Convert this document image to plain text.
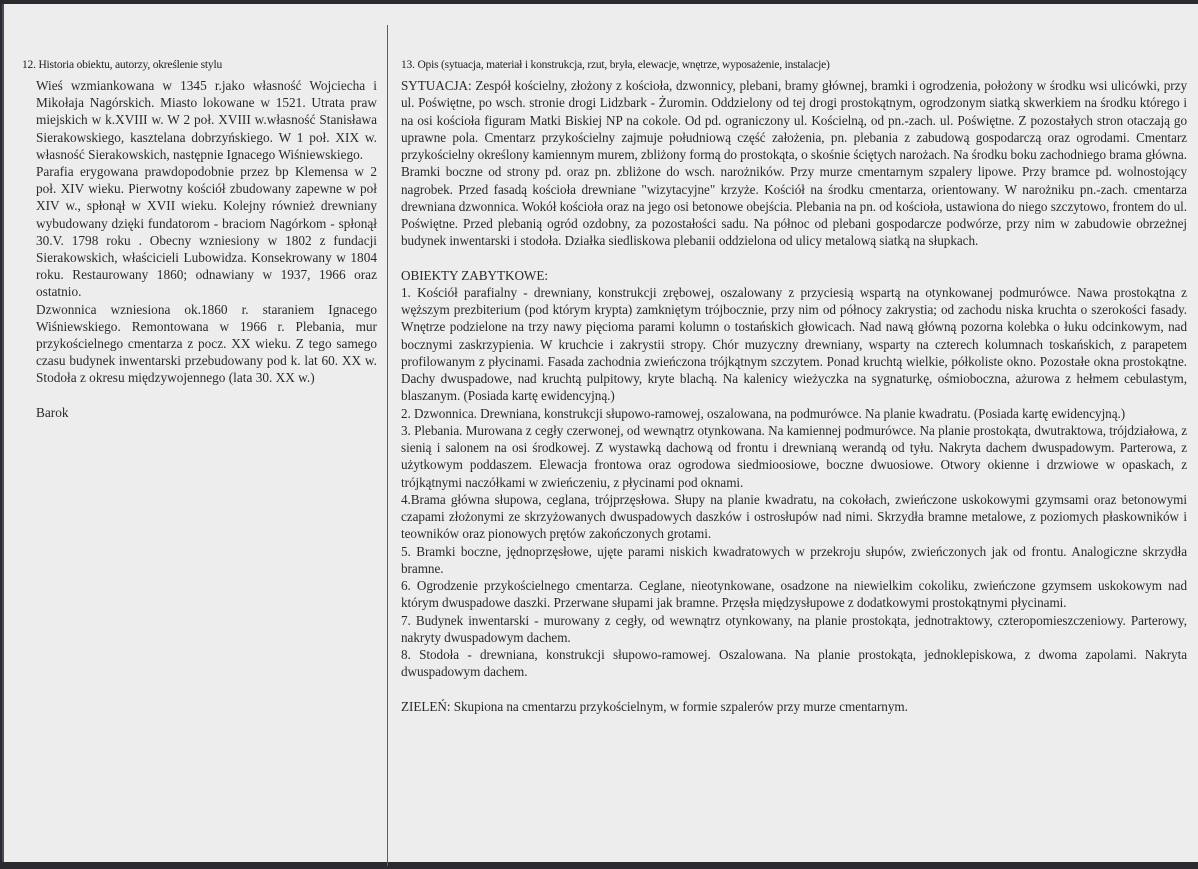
12. Historia obiektu, autorzy, określenie stylu

Wieś wzmiankowana w 1345 r.jako własność Wojciecha i Mikołaja Nagórskich. Miasto lokowane w 1521. Utrata praw miejskich w k.XVIII w. W 2 poł. XVIII w.własność Stanisława Sierakowskiego, kasztelana dobrzyńskiego. W 1 poł. XIX w. własność Sierakowskich, następnie Ignacego Wiśniewskiego.

Parafia erygowana prawdopodobnie przez bp Klemensa w 2 poł. XIV wieku. Pierwotny kościół zbudowany zapewne w poł XIV w., spłonął w XVII wieku. Kolejny również drewniany wybudowany dzięki fundatorom - braciom Nagórkom - spłonął 30.V. 1798 roku . Obecny wzniesiony w 1802 z fundacji Sierakowskich, właścicieli Lubowidza. Konsekrowany w 1804 roku. Restaurowany 1860; odnawiany w 1937, 1966 oraz ostatnio.

Dzwonnica wzniesiona ok.1860 r. staraniem Ignacego Wiśniewskiego. Remontowana w 1966 r. Plebania, mur przykościelnego cmentarza z pocz. XX wieku. Z tego samego czasu budynek inwentarski przebudowany pod k. lat 60. XX w. Stodoła z okresu międzywojennego (lata 30. XX w.)

Barok

13. Opis (sytuacja, materiał i konstrukcja, rzut, bryła, elewacje, wnętrze, wyposażenie, instalacje)

SYTUACJA: Zespół kościelny, złożony z kościoła, dzwonnicy, plebani, bramy głównej, bramki i ogrodzenia, położony w środku wsi ulicówki, przy ul. Poświętne, po wsch. stronie drogi Lidzbark - Żuromin. Oddzielony od tej drogi prostokątnym, ogrodzonym siatką skwerkiem na środku którego i na osi kościoła figuram Matki Biskiej NP na cokole. Od pd. ograniczony ul. Kościelną, od pn.-zach. ul. Poświętne. Z pozostałych stron otaczają go uprawne pola. Cmentarz przykościelny zajmuje południową część założenia, pn. plebania z zabudową gospodarczą oraz ogrodami. Cmentarz przykościelny określony kamiennym murem, zbliżony formą do prostokąta, o skośnie ściętych narożach. Na środku boku zachodniego brama główna. Bramki boczne od strony pd. oraz pn. zbliżone do wsch. narożników. Przy murze cmentarnym szpalery lipowe. Przy bramce pd. wolnostojący nagrobek. Przed fasadą kościoła drewniane "wizytacyjne" krzyże. Kościół na środku cmentarza, orientowany. W narożniku pn.-zach. cmentarza drewniana dzwonnica. Wokół kościoła oraz na jego osi betonowe obejścia. Plebania na pn. od kościoła, ustawiona do niego szczytowo, frontem do ul. Poświętne. Przed plebanią ogród ozdobny, za pozostałości sadu. Na północ od plebani gospodarcze podwórze, przy nim w zabudowie obrzeżnej budynek inwentarski i stodoła. Działka siedliskowa plebanii oddzielona od ulicy metalową siatką na słupkach.

OBIEKTY ZABYTKOWE:

1. Kościół parafialny - drewniany, konstrukcji zrębowej, oszalowany z przyciesią wspartą na otynkowanej podmurówce. Nawa prostokątna z węższym prezbiterium (pod którym krypta) zamkniętym trójbocznie, przy nim od północy zakrystia; od zachodu niska kruchta o szerokości fasady. Wnętrze podzielone na trzy nawy pięcioma parami kolumn o tostańskich głowicach. Nad nawą główną pozorna kolebka o łuku odcinkowym, nad bocznymi zaskrzypienia. W kruchcie i zakrystii stropy. Chór muzyczny drewniany, wsparty na czterech kolumnach toskańskich, z parapetem profilowanym z płycinami. Fasada zachodnia zwieńczona trójkątnym szczytem. Ponad kruchtą wielkie, półkoliste okno. Pozostałe okna prostokątne. Dachy dwuspadowe, nad kruchtą pulpitowy, kryte blachą. Na kalenicy wieżyczka na sygnaturkę, ośmioboczna, ażurowa z hełmem cebulastym, blaszanym. (Posiada kartę ewidencyjną.)

2. Dzwonnica. Drewniana, konstrukcji słupowo-ramowej, oszalowana, na podmurówce. Na planie kwadratu. (Posiada kartę ewidencyjną.)

3. Plebania. Murowana z cegły czerwonej, od wewnątrz otynkowana. Na kamiennej podmurówce. Na planie prostokąta, dwutraktowa, trójdziałowa, z sienią i salonem na osi środkowej. Z wystawką dachową od frontu i drewnianą werandą od tyłu. Nakryta dachem dwuspadowym. Parterowa, z użytkowym poddaszem. Elewacja frontowa oraz ogrodowa siedmioosiowe, boczne dwuosiowe. Otwory okienne i drzwiowe w opaskach, z trójkątnymi naczółkami w zwieńczeniu, z płycinami pod oknami.

4.Brama główna słupowa, ceglana, trójprzęsłowa. Słupy na planie kwadratu, na cokołach, zwieńczone uskokowymi gzymsami oraz betonowymi czapami złożonymi ze skrzyżowanych dwuspadowych daszków i ostrosłupów nad nimi. Skrzydła bramne metalowe, z poziomych płaskowników i teowników oraz pionowych prętów zakończonych grotami.

5. Bramki boczne, jędnoprzęsłowe, ujęte parami niskich kwadratowych w przekroju słupów, zwieńczonych jak od frontu. Analogiczne skrzydła bramne.

6. Ogrodzenie przykościelnego cmentarza. Ceglane, nieotynkowane, osadzone na niewielkim cokoliku, zwieńczone gzymsem uskokowym nad którym dwuspadowe daszki. Przerwane słupami jak bramne. Przęsła międzysłupowe z dodatkowymi prostokątnymi płycinami.

7. Budynek inwentarski - murowany z cegły, od wewnątrz otynkowany, na planie prostokąta, jednotraktowy, czteropomieszczeniowy. Parterowy, nakryty dwuspadowym dachem.

8. Stodoła - drewniana, konstrukcji słupowo-ramowej. Oszalowana. Na planie prostokąta, jednoklepiskowa, z dwoma zapolami. Nakryta dwuspadowym dachem.

ZIELEŃ: Skupiona na cmentarzu przykościelnym, w formie szpalerów przy murze cmentarnym.
